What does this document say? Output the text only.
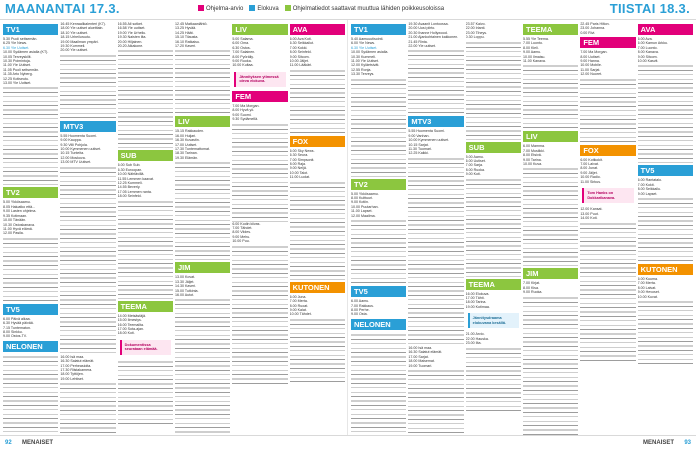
MAANANTAI 17.3.	Ohjelma-arvio	Elokuva	Ohjelmatiedot saattavat muuttua lähiden poikkeusoloissa	TIISTAI 18.3.
TV1
5.30 Puoli seitsemän.
6.25 Yle News.
6.30 Yle Uutiset.
10.00 Sydämen asialla (KT).
10.05 Terveyskilit.
10.30 Poimintoja.
11.00 Yle Uutiset.
11.05 Puoli seitsemän.
11.35 Arto Nyberg.
12.25 Kotiseutu.
13.00 Yle Uutiset.
TV2
5.00 Ykkösaamu.
8.05 Haluatko että...
9.00 Lasten ohjelma.
9.35 Kotimaan.
10.00 Tänään.
10.30 Ostoskanava.
11.00 Hyvä elämä.
12.00 Pasila.
TV5
6.00 Päivä alkaa.
6.30 Hyvää päivää.
7.15 Tuntematon.
8.00 Sinkku.
9.00 Ostos-TV.
NELONEN
16.45 Kenraalikalenteri (K7).
18.00 Yle uutiset alueittain.
18.10 Yle uutiset.
18.15 Urheiluruutu.
19.00 Maailman ympäri.
19.30 Kummeli.
20.00 Yle uutiset.
MTV3
5.55 Huomenta Suomi.
9.00 Kauppa.
9.30 Villi Pohjola.
10.00 Kymmenen uutiset.
10.15 Tunteita.
12.00 Moskova.
13.00 MTV Uutiset.
16.00 Isä maa.
16.30 Salatut elämät.
17.00 Perheasioita.
17.30 Riistakamera.
18.00 Tyttöjen.
19.00 Lehtiset.
16.55 Ali sotket.
16.58 Yle uutiset.
19.00 Yle Urheilu.
19.30 Naisten ilta.
20.00 Hiljainen.
20.20 Aikakone.
SUB
6.00 Sub Sub.
6.30 Euroopan.
10.00 Nähtävillä.
11.55 Lemmen kaavat.
12.25 Kummeli.
14.55 Beverly.
17.05 Lemmen ranta.
18.00 Seinfeld.
TEEMA
14.00 Metsästäjä.
15.00 Ilmestys.
16.00 Teemailta.
17.00 Sota-ajan.
18.00 Koti.
Dokumentissa seurataan elämää.
12.45 Matkaanlähtö.
13.25 Hyvää.
14.25 Häät.
15.10 Tilausta.
16.10 Ratkaisu.
17.20 Kaveri.
LIV
15.15 Rakkauden.
16.00 Huijari.
16.30 Kuvastin.
17.00 Uutiset.
17.30 Tuntemattomat.
18.30 Tarinan.
19.30 Elämän.
JIM
13.00 Kovat.
13.30 Jäljet.
14.30 Kaveri.
15.00 Tutkinta.
16.00 Autot.
LIV
5.00 Salama.
6.00 Oma.
6.30 Ostos.
7.00 Salainen.
8.00 Pyöräily.
9.00 Ruoka.
10.00 Kultaa.
Jännityksen ytimessä oleva elokuva.
FEM
7.00 Ma Morgan.
8.00 Hyvä yö.
9.00 Suomi.
9.30 Sydämellä.
6.00 Kodin kiivas.
7.00 Tähdet.
8.00 Viides.
9.00 Mehu.
10.00 Puu.
AVA
6.00 Ava Koti.
6.30 Seikkailut.
7.00 Kokki.
8.00 Seinfeld.
9.00 Sitcom.
10.00 Jäljet.
11.00 Lääkäri.
FOX
6.00 Sky News.
6.30 Seura.
7.00 Simpsonit.
8.00 Raja.
9.00 Neljä.
10.00 Talot.
11.00 Luolat.
KUTONEN
6.00 Juna.
7.00 Merta.
8.00 Ruoat.
9.00 Kalat.
10.00 Tähdet.
TV1
5.40 Aamuuutisointi.
6.00 Yle News.
6.30 Yle Uutiset.
10.00 Sydämen asialla.
10.30 Kummeli.
11.00 Yle Uutiset.
12.00 Kyläetsivät.
12.55 Ronja.
13.30 Terveys.
TV2
5.00 Ykkösaamu.
8.00 Kulttuuri.
9.00 Kotiin.
10.00 Puutarhan.
11.00 Lapset.
12.00 Maailma.
TV5
6.00 Aamu.
7.00 Rakkaus.
8.00 Perhe.
9.00 Osta.
NELONEN
19.30 Avaanit Lontoossa.
20.00 Uusi piirto.
20.30 Ihanne Hollywood.
21.00 Ajankohtainen kakkonen.
21.45 Rinta.
22.00 Yle uutiset.
MTV3
5.55 Huomenta Suomi.
9.00 Vanhan.
10.00 Kymmenen uutiset.
10.15 Sarjat.
11.30 Tuomari.
12.25 Kaikki.
16.00 Isä maa.
16.30 Salatut elämät.
17.00 Sarjat.
18.00 Maisemat.
19.00 Tuomari.
23.57 Kaivo.
22.00 Irlanti.
23.00 Tiheys.
0.30 Loppu.
SUB
5.00 Aamu.
6.00 Uutiset.
7.00 Sarja.
8.00 Ruoka.
9.00 Koti.
TEEMA
16.00 Elokuva.
17.00 Tähti.
18.00 Tarina.
19.00 Kotimaa.
Jännitysdraama elokuvana kesällä.
21.00 Arvio.
22.00 Hauska.
23.00 Ilta.
TEEMA
5.55 Yle Teema.
7.00 Luonto.
8.00 Kieli.
9.00 Aamu.
10.00 Ilmaisu.
11.00 Kanava.
LIV
6.00 Mamma.
7.00 Musiikki.
8.00 Etsivä.
9.00 Tarina.
10.00 Kuva.
JIM
7.00 Kirjat.
8.00 Kisa.
9.00 Ruoka.
22.45 Paris Hilton.
23.00 Johanna.
0.00 Rivi.
FEM
7.00 Ma Morgan.
8.00 Uutiset.
9.00 Hanna.
10.00 Mobile.
11.00 Sarjat.
12.00 Nuoret.
FOX
6.00 Kotikokit.
7.00 Laivat.
8.00 Junat.
9.00 Jäljet.
10.00 Radio.
11.00 Sirkus.
Tom Hanks on Dokkarikanava.
12.00 Kansat.
13.00 Puut.
14.00 Koti.
AVA
6.00 Ava.
6.00 Kamun Arkku.
7.00 Luonto.
8.00 Kanava.
9.00 Sitcom.
10.00 Kasvit.
TV5
6.00 Rantatalo.
7.00 Kokit.
8.00 Seikkailu.
9.00 Lapset.
KUTONEN
6.00 Kuuma.
7.00 Merta.
8.00 Laivat.
9.00 Hevoset.
10.00 Kuvat.
92 MENAISET	MENAISET 93
